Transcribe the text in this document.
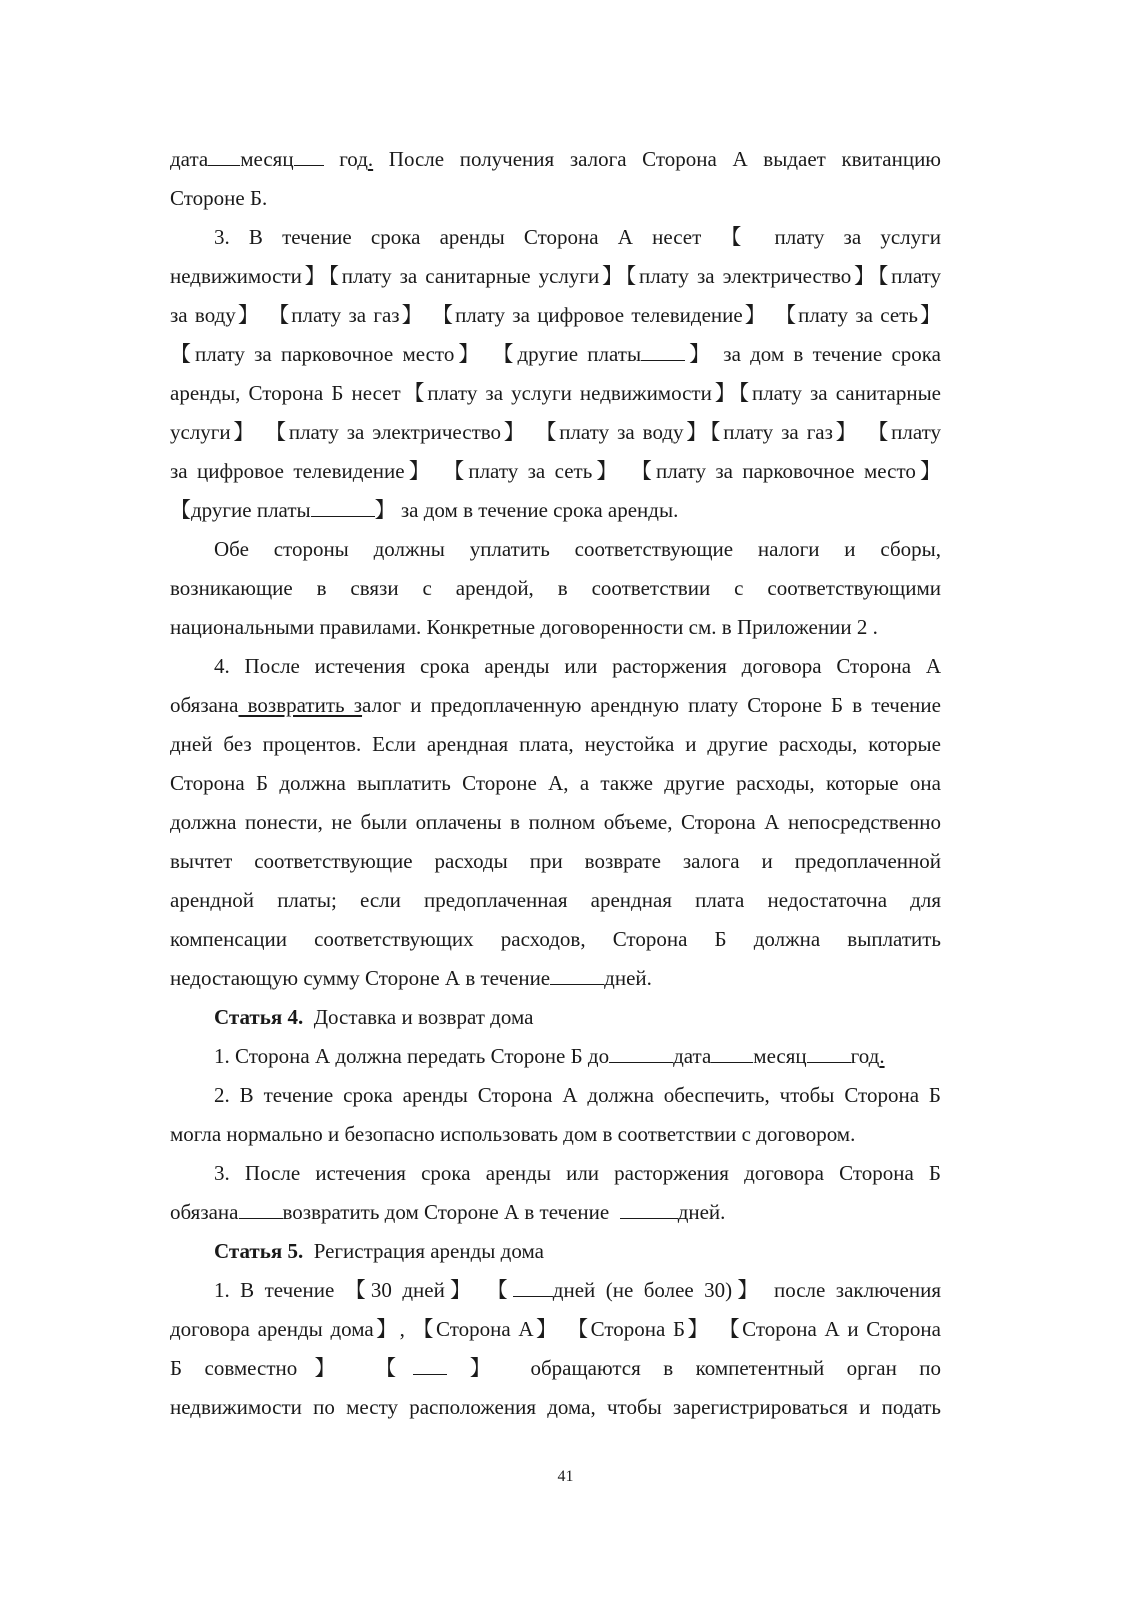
дата месяц год. После получения залога Сторона А выдает квитанцию
Стороне Б.
3. В течение срока аренды Сторона А несет 【 плату за услуги
недвижимости】【плату за санитарные услуги】【плату за электричество】【плату
за воду】 【плату за газ】 【плату за цифровое телевидение】 【плату за сеть】
【плату за парковочное место】 【другие платы 】 за дом в течение срока
аренды, Сторона Б несет【плату за услуги недвижимости】【плату за санитарные
услуги】 【плату за электричество】 【плату за воду】【плату за газ】 【плату
за цифровое телевидение】 【плату за сеть】 【плату за парковочное место】
【другие платы	】 за дом в течение срока аренды.
Обе стороны должны уплатить соответствующие налоги и сборы,
возникающие в связи с арендой, в соответствии с соответствующими
национальными правилами. Конкретные договоренности см. в Приложении 2 .
4. После истечения срока аренды или расторжения договора Сторона А
обязана возвратить залог и предоплаченную арендную плату Стороне Б в течение
дней без процентов. Если арендная плата, неустойка и другие расходы, которые
Сторона Б должна выплатить Стороне А, а также другие расходы, которые она
должна понести, не были оплачены в полном объеме, Сторона А непосредственно
вычтет соответствующие расходы при возврате залога и предоплаченной
арендной платы; если предоплаченная арендная плата недостаточна для
компенсации соответствующих расходов, Сторона Б должна выплатить
недостающую сумму Стороне А в течение	дней.
Статья 4. Доставка и возврат дома
1. Сторона А должна передать Стороне Б до	дата месяц год.
2. В течение срока аренды Сторона А должна обеспечить, чтобы Сторона Б
могла нормально и безопасно использовать дом в соответствии с договором.
3. После истечения срока аренды или расторжения договора Сторона Б
обязана возвратить дом Стороне А в течение	дней.
Статья 5. Регистрация аренды дома
1. В течение 【30 дней】 【 дней (не более 30)】 после заключения
договора аренды дома】, 【Сторона А】 【Сторона Б】 【Сторона А и Сторона
Б совместно】 【	】 обращаются в компетентный орган по
недвижимости по месту расположения дома, чтобы зарегистрироваться и подать
41
